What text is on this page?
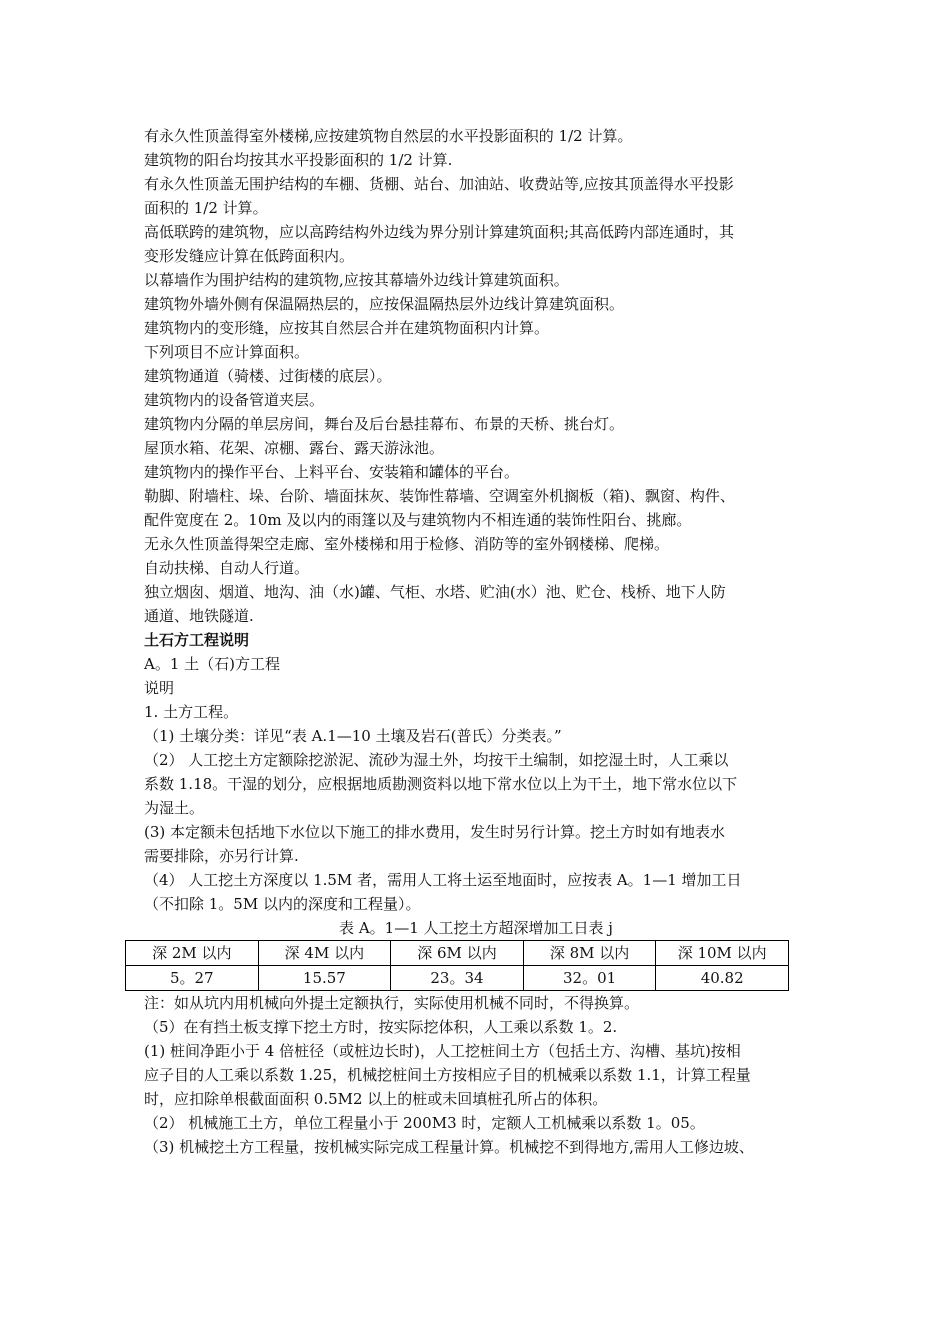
有永久性顶盖得室外楼梯,应按建筑物自然层的水平投影面积的 1/2 计算。
建筑物的阳台均按其水平投影面积的 1/2 计算.
有永久性顶盖无围护结构的车棚、货棚、站台、加油站、收费站等,应按其顶盖得水平投影
面积的 1/2 计算。
高低联跨的建筑物，应以高跨结构外边线为界分别计算建筑面积;其高低跨内部连通时，其
变形发缝应计算在低跨面积内。
以幕墙作为围护结构的建筑物,应按其幕墙外边线计算建筑面积。
建筑物外墙外侧有保温隔热层的，应按保温隔热层外边线计算建筑面积。
建筑物内的变形缝，应按其自然层合并在建筑物面积内计算。
下列项目不应计算面积。
建筑物通道（骑楼、过街楼的底层）。
建筑物内的设备管道夹层。
建筑物内分隔的单层房间，舞台及后台悬挂幕布、布景的天桥、挑台灯。
屋顶水箱、花架、凉棚、露台、露天游泳池。
建筑物内的操作平台、上料平台、安装箱和罐体的平台。
勒脚、附墙柱、垛、台阶、墙面抹灰、装饰性幕墙、空调室外机搁板（箱)、飘窗、构件、
配件宽度在 2。10m 及以内的雨篷以及与建筑物内不相连通的装饰性阳台、挑廊。
无永久性顶盖得架空走廊、室外楼梯和用于检修、消防等的室外钢楼梯、爬梯。
自动扶梯、自动人行道。
独立烟囱、烟道、地沟、油（水)罐、气柜、水塔、贮油(水）池、贮仓、栈桥、地下人防
通道、地铁隧道.
土石方工程说明
A。1 土（石)方工程
说明
1. 土方工程。
（1) 土壤分类：详见“表 A.1—10 土壤及岩石(普氏）分类表。”
（2） 人工挖土方定额除挖淤泥、流砂为湿土外，均按干土编制，如挖湿土时，人工乘以
系数 1.18。干湿的划分，应根据地质勘测资料以地下常水位以上为干土，地下常水位以下
为湿土。
(3) 本定额未包括地下水位以下施工的排水费用，发生时另行计算。挖土方时如有地表水
需要排除，亦另行计算.
（4） 人工挖土方深度以 1.5M 者，需用人工将土运至地面时，应按表 A。1—1 增加工日
（不扣除 1。5M 以内的深度和工程量）。
表 A。1—1 人工挖土方超深增加工日表 j
深 2M 以内	深 4M 以内	深 6M 以内	深 8M 以内	深 10M 以内
5。27	15.57	23。34	32。01	40.82
注：如从坑内用机械向外提土定额执行，实际使用机械不同时，不得换算。
（5）在有挡土板支撑下挖土方时，按实际挖体积，人工乘以系数 1。2.
(1) 桩间净距小于 4 倍桩径（或桩边长时)，人工挖桩间土方（包括土方、沟槽、基坑)按相
应子目的人工乘以系数 1.25，机械挖桩间土方按相应子目的机械乘以系数 1.1，计算工程量
时，应扣除单根截面面积 0.5M2 以上的桩或未回填桩孔所占的体积。
（2） 机械施工土方，单位工程量小于 200M3 时，定额人工机械乘以系数 1。05。
（3) 机械挖土方工程量，按机械实际完成工程量计算。机械挖不到得地方,需用人工修边坡、
